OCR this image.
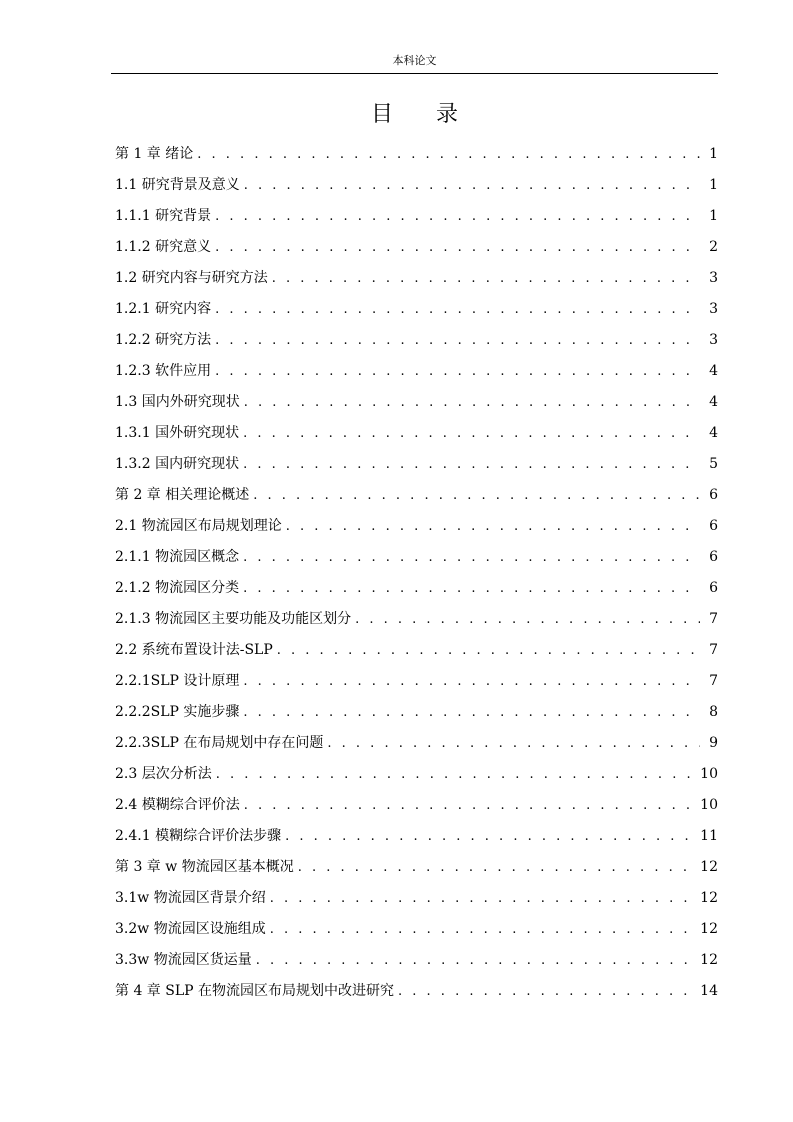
本科论文
目 录
第 1 章 绪论 . . .	1
1.1 研究背景及意义 . . .	1
1.1.1 研究背景 . . .	1
1.1.2 研究意义 . . .	2
1.2 研究内容与研究方法 . . .	3
1.2.1 研究内容 . . .	3
1.2.2 研究方法 . . .	3
1.2.3 软件应用 . . .	4
1.3 国内外研究现状 . . .	4
1.3.1 国外研究现状 . . .	4
1.3.2 国内研究现状 . . .	5
第 2 章 相关理论概述 . . .	6
2.1 物流园区布局规划理论 . . .	6
2.1.1 物流园区概念 . . .	6
2.1.2 物流园区分类 . . .	6
2.1.3 物流园区主要功能及功能区划分 . . .	7
2.2 系统布置设计法-SLP . . .	7
2.2.1SLP 设计原理 . . .	7
2.2.2SLP 实施步骤 . . .	8
2.2.3SLP 在布局规划中存在问题 . . .	9
2.3 层次分析法 . . .	10
2.4 模糊综合评价法 . . .	10
2.4.1 模糊综合评价法步骤 . . .	11
第 3 章 w 物流园区基本概况 . . .	12
3.1w 物流园区背景介绍 . . .	12
3.2w 物流园区设施组成 . . .	12
3.3w 物流园区货运量 . . .	12
第 4 章 SLP 在物流园区布局规划中改进研究 . . .	14
